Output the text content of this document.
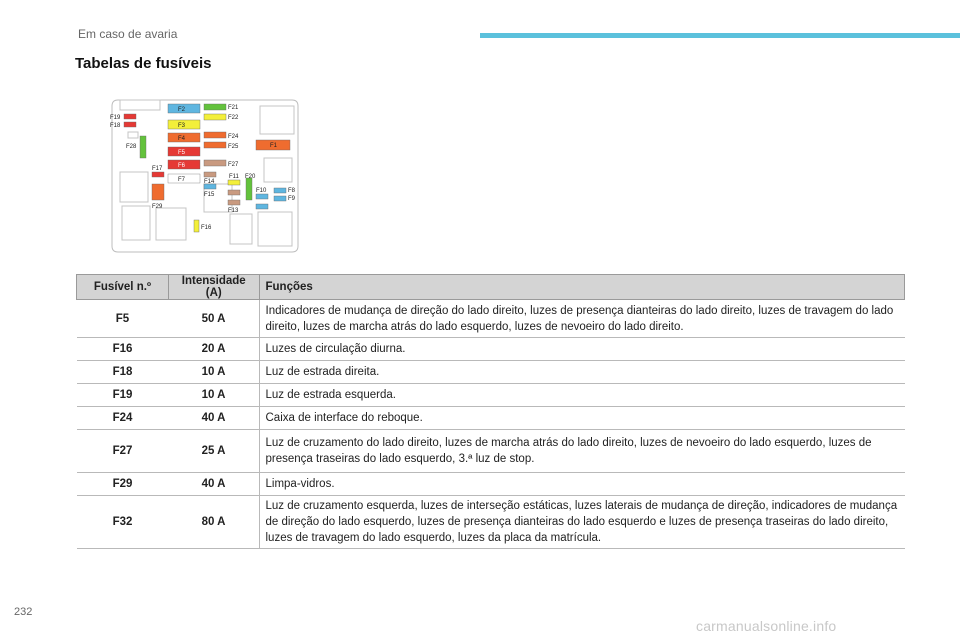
Em caso de avaria
Tabelas de fusíveis
F2
F3
F4
F5
F6
F7
F21
F22
F24
F25
F27
F1
F19
F18
F28
F17
F29
F14
F15
F11 F20
F10	F8
F9
F13
F16
Fusível n.º	Intensidade (A)	Funções
F5	50 A	Indicadores de mudança de direção do lado direito, luzes de presença dianteiras do lado direito, luzes de travagem do lado direito, luzes de marcha atrás do lado esquerdo, luzes de nevoeiro do lado direito.
F16	20 A	Luzes de circulação diurna.
F18	10 A	Luz de estrada direita.
F19	10 A	Luz de estrada esquerda.
F24	40 A	Caixa de interface do reboque.
F27	25 A	Luz de cruzamento do lado direito, luzes de marcha atrás do lado direito, luzes de nevoeiro do lado esquerdo, luzes de presença traseiras do lado esquerdo, 3.ª luz de stop.
F29	40 A	Limpa-vidros.
F32	80 A	Luz de cruzamento esquerda, luzes de interseção estáticas, luzes laterais de mudança de direção, indicadores de mudança de direção do lado esquerdo, luzes de presença dianteiras do lado esquerdo e luzes de presença traseiras do lado direito, luzes de travagem do lado esquerdo, luzes da placa da matrícula.
232
carmanualsonline.info
